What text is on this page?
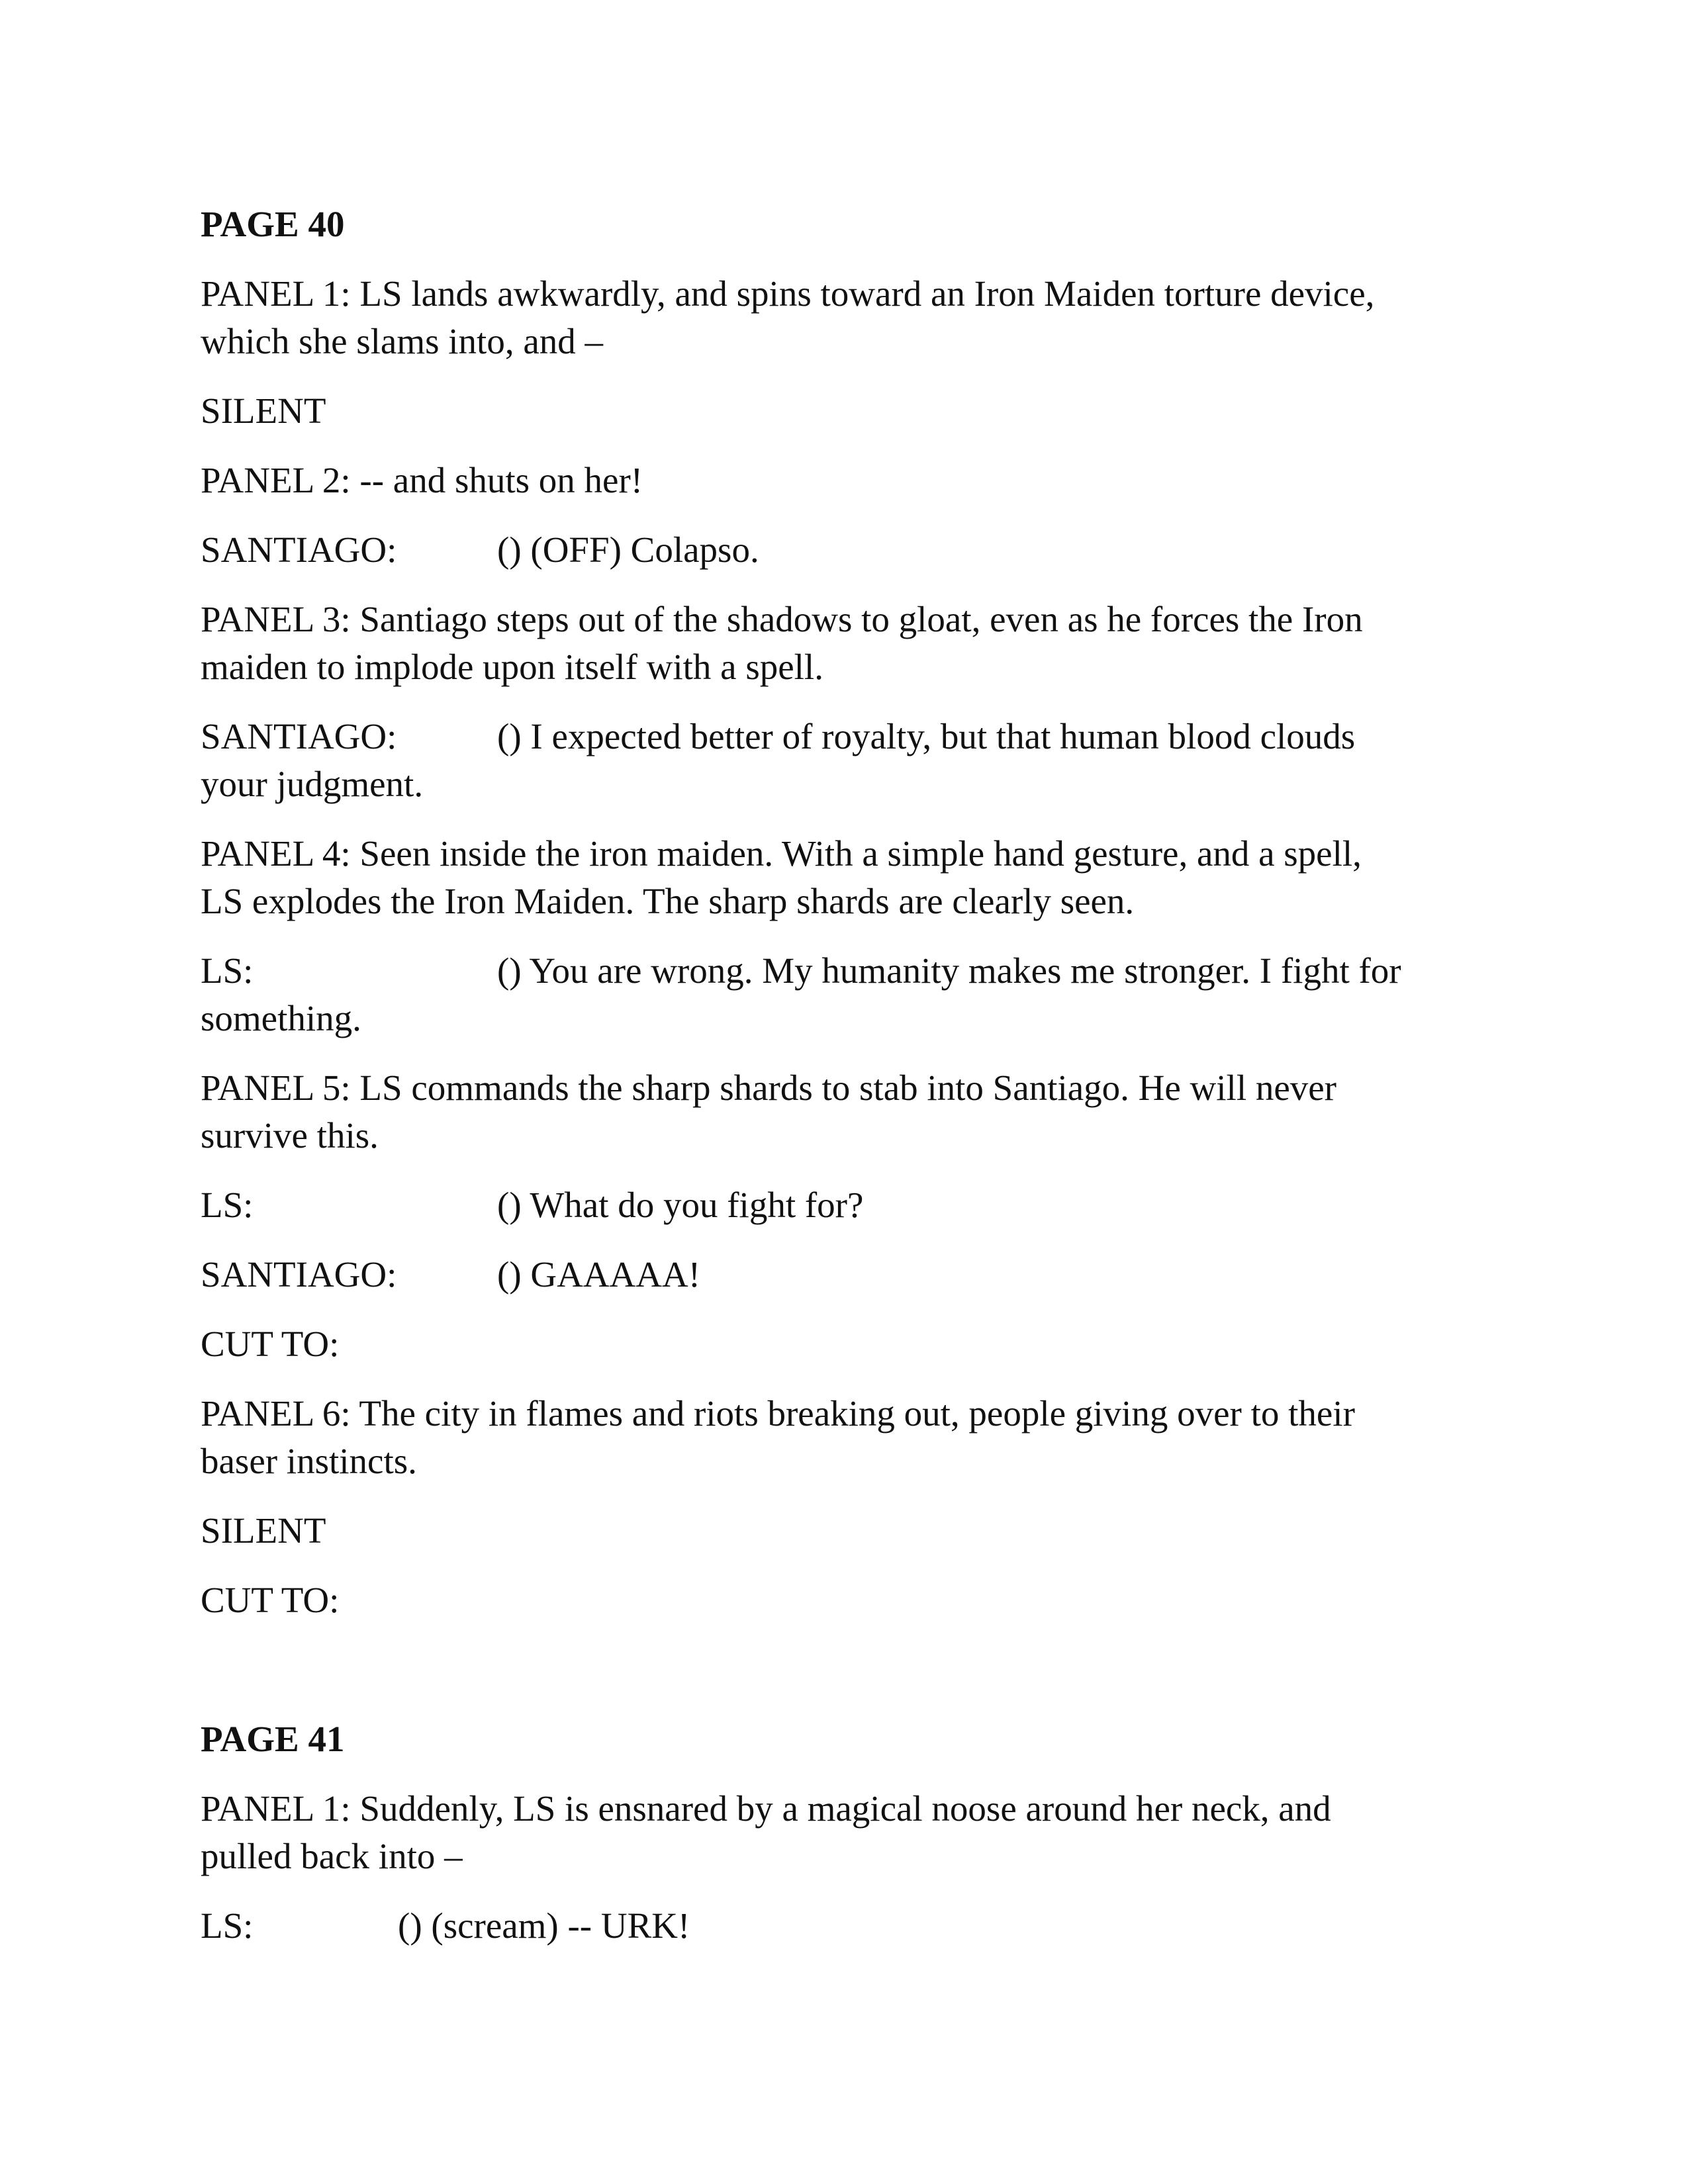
PAGE 40

PANEL 1: LS lands awkwardly, and spins toward an Iron Maiden torture device,

which she slams into, and –

SILENT

PANEL 2: -- and shuts on her!

SANTIAGO:	() (OFF) Colapso.

PANEL 3: Santiago steps out of the shadows to gloat, even as he forces the Iron

maiden to implode upon itself with a spell.

SANTIAGO:	() I expected better of royalty, but that human blood clouds

your judgment.

PANEL 4: Seen inside the iron maiden. With a simple hand gesture, and a spell,

LS explodes the Iron Maiden. The sharp shards are clearly seen.

LS:	() You are wrong. My humanity makes me stronger. I fight for

something.

PANEL 5: LS commands the sharp shards to stab into Santiago. He will never

survive this.

LS:	() What do you fight for?

SANTIAGO:	() GAAAAA!

CUT TO:

PANEL 6: The city in flames and riots breaking out, people giving over to their

baser instincts.

SILENT

CUT TO:

PAGE 41

PANEL 1: Suddenly, LS is ensnared by a magical noose around her neck, and

pulled back into –

LS:	() (scream) -- URK!
